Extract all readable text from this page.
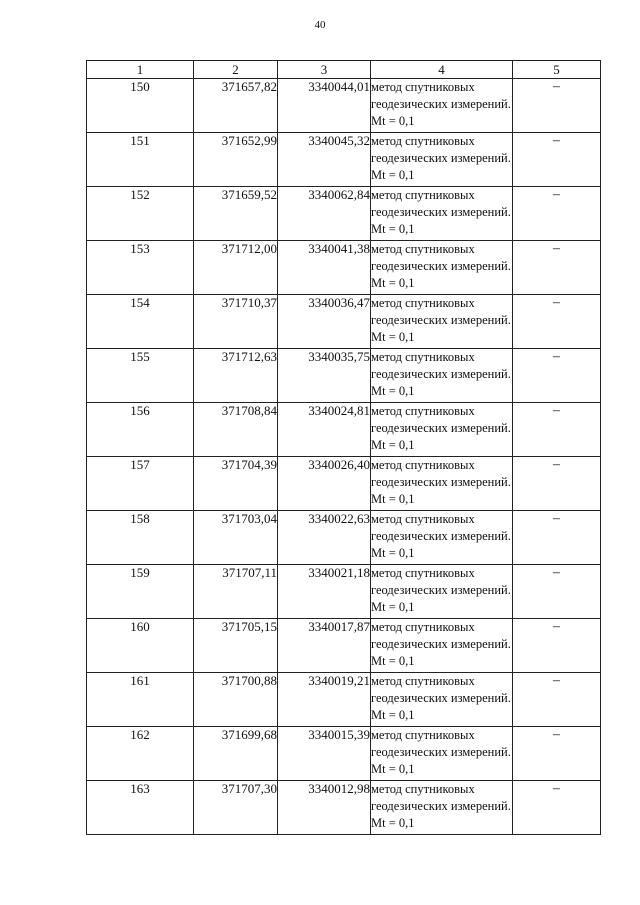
40
1	2	3	4	5
150	371657,82	3340044,01	метод спутниковых геодезических измерений. Mt = 0,1	–
151	371652,99	3340045,32	метод спутниковых геодезических измерений. Mt = 0,1	–
152	371659,52	3340062,84	метод спутниковых геодезических измерений. Mt = 0,1	–
153	371712,00	3340041,38	метод спутниковых геодезических измерений. Mt = 0,1	–
154	371710,37	3340036,47	метод спутниковых геодезических измерений. Mt = 0,1	–
155	371712,63	3340035,75	метод спутниковых геодезических измерений. Mt = 0,1	–
156	371708,84	3340024,81	метод спутниковых геодезических измерений. Mt = 0,1	–
157	371704,39	3340026,40	метод спутниковых геодезических измерений. Mt = 0,1	–
158	371703,04	3340022,63	метод спутниковых геодезических измерений. Mt = 0,1	–
159	371707,11	3340021,18	метод спутниковых геодезических измерений. Mt = 0,1	–
160	371705,15	3340017,87	метод спутниковых геодезических измерений. Mt = 0,1	–
161	371700,88	3340019,21	метод спутниковых геодезических измерений. Mt = 0,1	–
162	371699,68	3340015,39	метод спутниковых геодезических измерений. Mt = 0,1	–
163	371707,30	3340012,98	метод спутниковых геодезических измерений. Mt = 0,1	–
